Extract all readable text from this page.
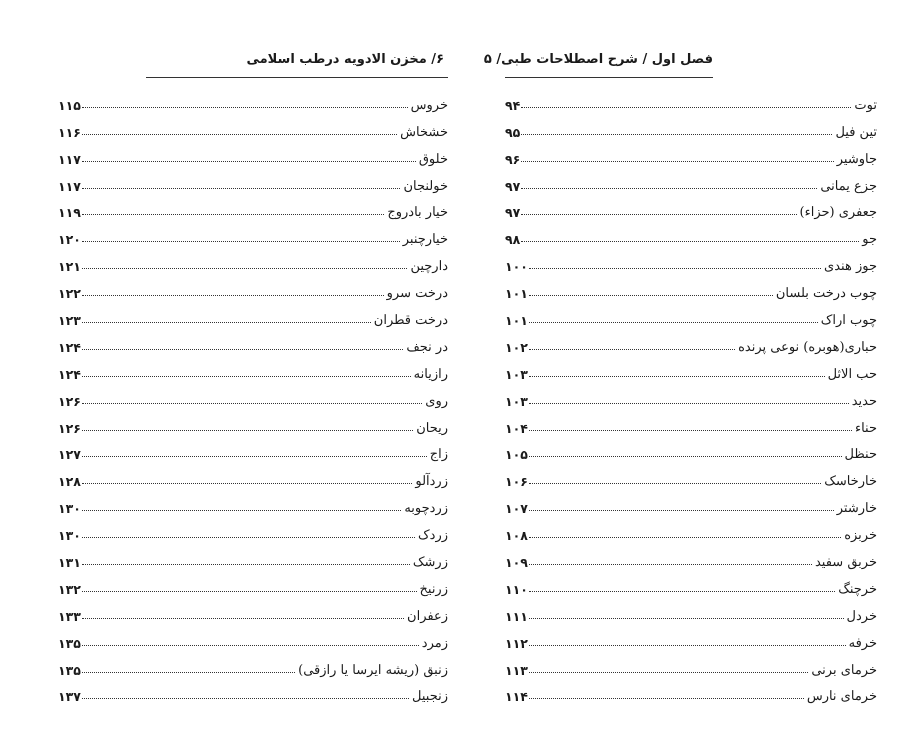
۶/ مخزن الادویه درطب اسلامی
خروس
۱۱۵
خشخاش
۱۱۶
خلوق
۱۱۷
خولنجان
۱۱۷
خیار بادروج
۱۱۹
خیارچنبر
۱۲۰
دارچین
۱۲۱
درخت سرو
۱۲۲
درخت قطران
۱۲۳
در نجف
۱۲۴
رازیانه
۱۲۴
روی
۱۲۶
ریحان
۱۲۶
زاج
۱۲۷
زردآلو
۱۲۸
زردچوبه
۱۳۰
زردک
۱۳۰
زرشک
۱۳۱
زرنیخ
۱۳۲
زعفران
۱۳۳
زمرد
۱۳۵
زنبق (ریشه ایرسا یا رازقی)
۱۳۵
زنجبیل
۱۳۷
فصل اول / شرح اصطلاحات طبی/ ۵
توت
۹۴
تین فیل
۹۵
جاوشیر
۹۶
جزع یمانی
۹۷
جعفری (حزاء)
۹۷
جو
۹۸
جوز هندی
۱۰۰
چوب درخت بلسان
۱۰۱
چوب اراک
۱۰۱
حباری(هوبره) نوعی پرنده
۱۰۲
حب الاثل
۱۰۳
حدید
۱۰۳
حناء
۱۰۴
حنظل
۱۰۵
خارخاسک
۱۰۶
خارشتر
۱۰۷
خربزه
۱۰۸
خربق سفید
۱۰۹
خرچنگ
۱۱۰
خردل
۱۱۱
خرفه
۱۱۲
خرمای برنی
۱۱۳
خرمای نارس
۱۱۴
